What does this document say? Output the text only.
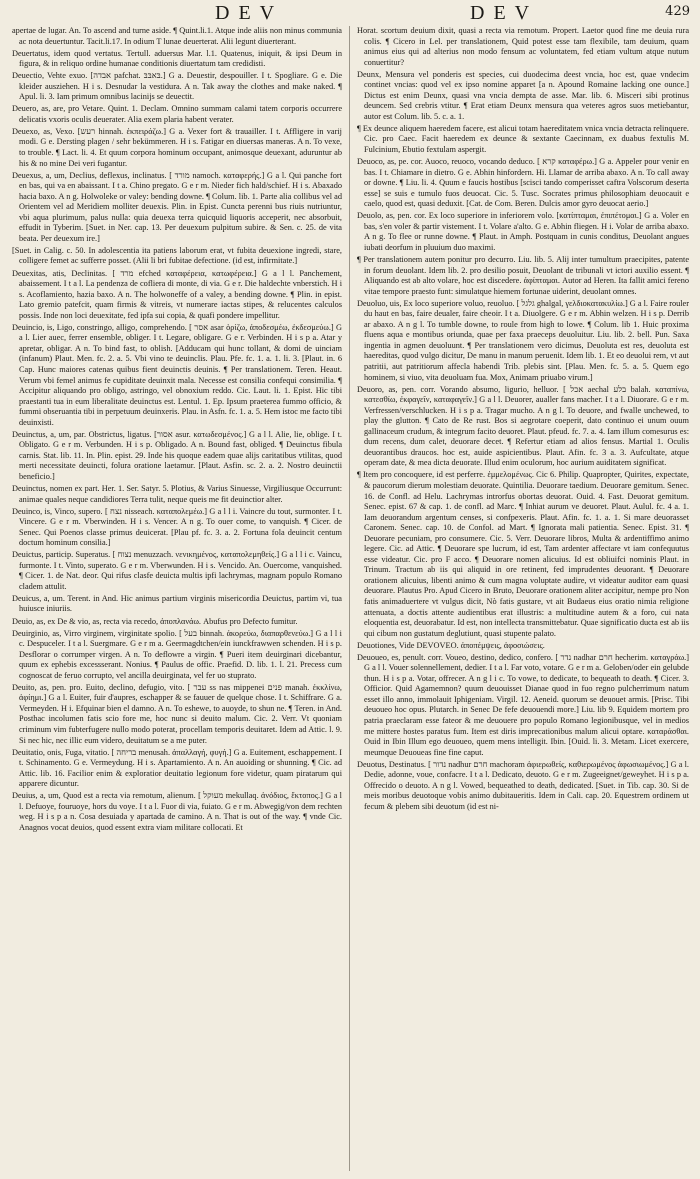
DEV	DEV	429

apertae de lugar. An. To ascend and turne aside. ¶ Quint.li.1. Atque inde aliis non minus communia ac nota deuertuntur. Tacit.li.17. In odium T lunae deuerterat. Alii legunt diuerterant.

Deuertatus, idem quod vertatus. Tertull. aduersus Mar. l.1. Quatenus, iniquit, & ipsi Deum in figura, & in reliquo ordine humanae conditionis diuertatum tam credidisti.

Deuectio, Vehte exuo. [אבדה pafchat. בּאבּבּ.] G a. Deuestir, despouiller. I t. Spogliare. G e. Die kleider ausziehen. H i s. Desnudar la vestidura. A n. Tak away the clothes and make naked. ¶ Apul. li. 3. Iam primum omnibus lacinijs se deuectit.

Deuero, as, are, pro Vetare. Quint. 1. Declam. Omnino summam calami tatem corporis occurrere delicatis vxoris oculis deuerater. Alia exem plaria habent verater.

Deuexo, as, Vexo. [רעש hinnah. ἐκπειράζω.] G a. Vexer fort & trauailler. I t. Affligere in varij modi. G e. Dersting plagen / sehr bekümmeren. H i s. Fatigar en diuersas maneras. A n. To vexe, to trouble. ¶ Lact. li. 4. Et quum corpora hominum occupant, animosque deuexant, aduruntur ab his & no mine Dei veri fugantur.

Deuexus, a, um, Declius, deflexus, inclinatus. [ מורד namoch. καταφερής.] G a l. Qui panche fort en bas, qui va en abaissant. I t a. Chino pregato. G e r m. Nieder fich hald/schief. H i s. Abaxado hacia baxo. A n g. Holwoleke or valey: bending downe. ¶ Colum. lib. 1. Parte alia collibus vel ad Orientem vel ad Meridiem molliter deuexis. Plin. in Epist. Cuncta perenni bus riuis nutriuntur, vbi aqua plurimum, palus nulla: quia deuexa terra quicquid liquoris acceperit, nec absorbuit, effudit in Tyberim. [Suet. in Ner. cap. 13. Per deuexum pulpitum subire. & Sen. c. 25. de vita beata. Per deuexum ire.]

[Suet. in Calig. c. 50. In adolescentia ita patiens laborum erat, vt fubita deuexione ingredi, stare, colligere femet ac sufferre posset. (Alii li bri fubitae defectione. (id est, infirmitate.]

Deuexitas, atis, Declinitas. [ מרד efched καταφέρεια, κατωφέρεια.] G a l l. Panchement, abaissement. I t a l. La pendenza de cofliera di monte, di via. G e r. Die haldechte vnberstich. H i s. Acoflamiento, hazia baxo. A n. The holwoneffe of a valey, a bending downe. ¶ Plin. in epist. Lato gremio patefcit, quam firmis & vitreis, vt numerare iactas stipes, & relucentes calculos possis. Inde non loci deuexitate, fed ipfa sui copia, & quafi pondere impellitur.

Deuincio, is, Ligo, constringo, alligo, comprehendo. [ אסר asar ὁρίζω, ἀποδεσμέω, ἐκδεσμεύω.] G a l. Lier auec, ferrer ensemble, obliger. I t. Legare, obligare. G e r. Verbinden. H i s p a. Atar y apretar, obligar. A n. To bind fast, to oblish. [Adducam qui hunc tollant, & domi de uinciam (infanum) Plaut. Men. fc. 2. a. 5. Vbi vino te deuinclis. Plau. Pfe. fc. 1. a. 1. li. 3. [Plaut. in. 6 Cap. Hunc maiores catenas quibus fient deuinctis deuinis. ¶ Per translationem. Teren. Heaut. Verum vbi femel animus fe cupiditate deuinxit mala. Necesse est consilia confequi consimilia. ¶ Accipitur aliquando pro obligo, astringo, vel obnoxium reddo. Cic. Laut. li. 1. Epist. Hic tibi praestanti tua in eum liberalitate deuinctus est. Lentul. 1. Ep. Ipsum praeterea fummo officio, & fummi obseruantia tibi in perpetuum deuinxeris. Plau. in Asfn. fc. 1. a. 5. Hem istoc me facto tibi deuinxisti.

Deuinctus, a, um, par. Obstrictus, ligatus. [אסור asur. κατωδεσμένος.] G a l l. Alie, lie, oblige. I t. Obligato. G e r m. Verbunden. H i s p. Obligado. A n. Bound fast, obliged. ¶ Deuinctus fibula carnis. Stat. lib. 11. In. Plin. epist. 29. Inde his quoque eadem quae alijs caritatibus vtilitas, quod merti necessitate deuincti, folura oratione laetamur. [Plaut. Asfin. sc. 2. a. 2. Nostro deuinctii beneficio.]

Deuinctus, nomen ex part. Her. 1. Ser. Satyr. 5. Plotius, & Varius Sinuesse, Virgiliusque Occurrunt: animae quales neque candidiores Terra tulit, neque queis me fit deuinctior alter.

Deuinco, is, Vinco, supero. [ נצח nisseach. καταπολεμέω.] G a l l i. Vaincre du tout, surmonter. I t. Vincere. G e r m. Vberwinden. H i s. Vencer. A n g. To ouer come, to vanquish. ¶ Cicer. de Senec. Qui Poenos classe primus deuicerat. [Plau pf. fc. 3. a. 2. Fortuna fola deuincit centum doctum hominum consilia.]

Deuictus, particip. Superatus. [ נצוח menuzzach. νενικημένος, καταπολεμηθείς.] G a l l i c. Vaincu, furmonte. I t. Vinto, superato. G e r m. Vberwunden. H i s. Vencido. An. Ouercome, vanquished. ¶ Cicer. 1. de Nat. deor. Qui rifus clasfe deuicta multis ipfi lachrymas, magnam populo Romano cladem attulit.

Deuicus, a, um. Terent. in And. Hic animus partium virginis misericordia Deuictus, partim vi, tua huiusce iniuriis.

Deuio, as, ex De & vio, as, recta via recedo, ἀποπλανάω. Abufus pro Defecto fumitur.

Deuirginio, as, Virro virginem, virginitate spolio. [ בעל binnah. ἀκορεύω, διαπαρθενεύω.] G a l l i c. Despuceler. I t a l. Suergmare. G e r m a. Geermagdtchen/ein iunckfrawwen schenden. H i s p. Desflorar o corrumper virgen. A n. To deflowre a virgin. ¶ Pueri item deuirginari dicebantur, quum ex ephebis excessserant. Nonius. ¶ Paulus de offic. Praefid. D. lib. 1. l. 21. Precess cum cognoscat de feruo corrupto, vel ancilla deuirginata, vel fer uo stuprato.

Deuito, as, pen. pro. Euito, declino, defugio, vito. [ עבר ss nas mippenei פנים manah. ἐκκλίνω, ἀφίημι.] G a l. Euiter, fuir d'aupres, eschapper & se fauuer de quelque chose. I t. Schiffrare. G a. Vermeyden. H i. Efquinar bien el damno. A n. To eshewe, to auoyde, to shun ne. ¶ Teren. in And. Posthac incolumen fatis scio fore me, hoc nunc si deuito malum. Cic. 2. Verr. Vt quoniam criminum vim fubterfugere nullo modo poterat, procellam temporis deuitaret. Idem ad Attic. l. 9. Si nec hic, nec illic eum videro, deuitatum se a me puter.

Deuitatio, onis, Fuga, vitatio. [ בריחה menusah. ἀπαλλαγή, φυγή.] G a. Euitement, eschappement. I t. Schinamento. G e. Vermeydung. H i s. Apartamiento. A n. An auoiding or shunning. ¶ Cic. ad Attic. lib. 16. Facilior enim & exploratior deuitatio legionum fore videtur, quam piratarum qui apparere dicuntur.

Deuius, a, um, Quod est a recta via remotum, alienum. [ מעוקל mekullaq. ἀνόδιος, ἔκτοπος.] G a l l. Defuoye, fouruoye, hors du voye. I t a l. Fuor di via, fuiato. G e r m. Abwegig/von dem rechten weg. H i s p a n. Cosa desuiada y apartada de camino. A n. That is out of the way. ¶ vnde Cic. Anagnos vocat deuios, quod essent extra viam militare collocati. Et

Horat. scortum deuium dixit, quasi a recta via remotum. Propert. Laetor quod fine me deuia rura colis. ¶ Cicero in Lel. per translationem, Quid potest esse tam flexibile, tam deuium, quam animus eius qui ad alterius non modo fensum ac voluntatem, fed etiam vultum atque nutum conuertitur?

Deunx, Mensura vel ponderis est species, cui duodecima deest vncia, hoc est, quae vndecim continet vncias: quod vel ex ipso nomine apparet [a n. Apound Romaine lacking one ounce.] Dictus est enim Deunx, quasi vna vncia dempta de asse. Mar. lib. 6. Misceri sibi protinus deuncem. Sed crebris vtitur. ¶ Erat etiam Deunx mensura qua veteres agros suos metiebantur, autor est Colum. lib. 5. c. a. 1.

¶ Ex deunce aliquem haeredem facere, est alicui totam haereditatem vnica vncia detracta relinquere. Cic. pro Caec. Facit haeredem ex deunce & sextante Caecinnam, ex duabus fextulis M. Fulcinium, Ebutio fextulam aspergit.

Deuoco, as, pe. cor. Auoco, reuoco, vocando deduco. [ קרא καταφέρω.] G a. Appeler pour venir en bas. I t. Chiamare in dietro. G e. Abhin hinfordern. Hi. Llamar de arriba abaxo. A n. To call away or downe. ¶ Liu. li. 4. Quum e faucis hostibus [scisci tando comperisset caftra Volscorum deserta esse] se suis e tumulo fuos deuocat. Cic. 5. Tusc. Socrates primus philosophiam deuocauit e caelo, quod est, quasi deduxit. [Cat. de Com. Beren. Dulcis amor gyro deuocat aerio.]

Deuolo, as, pen. cor. Ex loco superiore in inferiorem volo. [κατίπταμαι, ἐπιπέτομαι.] G a. Voler en bas, s'en voler & partir vistement. I t. Volare a'alto. G e. Abhin fliegen. H i. Volar de arriba abaxo. A n g. To flee or runne downe. ¶ Plaut. in Amph. Postquam in cunis conditus, Deuolant angues iubati deorfum in pluuium duo maximi.

¶ Per translationem autem ponitur pro decurro. Liu. lib. 5. Alij inter tumultum praecipites, patente in forum deuolant. Idem lib. 2. pro desilio posuit, Deuolant de tribunali vt ictori auxilio essent. ¶ Aliquando est ab alto volare, hoc est discedere. ἀφίπταμαι. Autor ad Heren. Ita fallit amici fereno vitae tempore praesto funt: simulatque hiemem fortunae uiderint, deuolant omnes.

Deuoluo, uis, Ex loco superiore voluo, reuoluo. [ גלגל ghalgal, γελδιοκατακυλίω.] G a l. Faire rouler du haut en bas, faire deualer, faire cheoir. I t a. Diuolgere. G e r m. Abhin welzen. H i s p. Derrib ar abaxo. A n g l. To tumble downe, to roule from high to lowe. ¶ Colum. lib 1. Huic proxima fluens aqua e montibus oriunda, quae per faxa praeceps deuoluitur. Liu. lib. 2. bell. Pun. Saxa ingentia in agmen deuoluunt. ¶ Per translationem vero dicimus, Deuoluta est res, deuoluta est haereditas, quod vulgo dicitur, De manu in manum peruenit. Idem lib. 1. Et eo deuolui rem, vt aut patritii, aut patritiorum affecla habendi Trib. plebis sint. [Plau. Men. fc. 5. a. 5. Quem ego hominem, si viuo, vita deuoluam fua. Mox, Animam priuabo virum.]

Deuoro, as, pen. corr. Vorando absumo, ligurio, helluor. [ אכל aechal בלע balah. καταπίνω, κατεσθίω, ἐκφαγεῖν, καταφαγεῖν.] G a l l. Deuorer, aualler fans macher. I t a l. Diuorare. G e r m. Verfressen/verschlucken. H i s p a. Tragar mucho. A n g l. To deuore, and fwalle unchewed, to play the glutton. ¶ Cato de Re rust. Bos si aegrotare coeperit, dato continuo ei unum ouum gallinaceum crudum, & integrum facito deuoret. Plaut. pfeud. fc. 7. a. 4. Iam illum comesurus es: dum recens, dum calet, deuorare decet. ¶ Refertur etiam ad alios fensus. Martial 1. Oculis deuorantibus draucos. hoc est, auide aspicientibus. Plaut. Afin. fc. 3 a. 3. Aufcultate, atque operam date, & mea dicta deuorate. Illud enim oculorum, hoc aurium auiditatem significat.

¶ Item pro concoquere, id est perferre. ἐμμελομένως. Cic 6. Philip. Quapropter, Quirites, expectate, & paucorum dierum molestiam deuorate. Quintilia. Deuorare taedium. Deuorare gemitum. Senec. 16. de Confl. ad Helu. Lachrymas introrfus obortas deuorat. Ouid. 4. Fast. Deuorat gemitum. Senec. epist. 67 & cap. 1. de confl. ad Marc. ¶ Inhiat aurum ve deuoret. Plaut. Aulul. fc. 4 a. 1. Iam deuorandum argentum censes, si confpexeris. Plaut. Afin. fc. 1. a. 1. Si mare deuorasset Caronem. Senec. cap. 10. de Confol. ad Mart. ¶ Ignorata mali patientia. Senec. Epist. 31. ¶ Deuorare pecuniam, pro consumere. Cic. 5. Verr. Deuorare libros, Multa & ardentiffimo animo legere. Cic. ad Attic. ¶ Deuorare spe lucrum, id est, Tam ardenter affectare vt iam confequutus esse videatur. Cic. pro F acco. ¶ Deuorare nomen alicuius. Id est obliuifci nominis Plaut. in Trinum. Tractum ab iis qui aliquid in ore retinent, fed imprudentes deuorant. ¶ Deuorare orationem alicuius, libenti animo & cum magna voluptate audire, vt videatur auditor eam quasi deuorare. Plautus Pro. Apud Cicero in Bruto, Deuorare orationem aliter accipitur, nempe pro Non fatis animaduertere vt vulgus dicit, Nò fatis gustare, vt ait Budaeus eius oratio nimia religione attenuata, a doctis attente audientibus erat illustris: a multitudine autem & a foro, cui nata eloquentia est, deuorabatur. Id est, non intellecta transmittebatur. Quae significatio ducta est ab iis qui cibum non gustatum deglutiunt, quasi stupente palato.

Deuotiones, Vide DEVOVEO. ἀποπέμψεις, ἀφοσιώσεις.

Deuoueo, es, penult. corr. Voueo, destino, dedico, confero. [ נדר nadhar חרם hecherim. καταγράω.] G a l l. Vouer solennellement, dedier. I t a l. Far voto, votare. G e r m a. Geloben/oder ein gelubde thun. H i s p a. Votar, offrecer. A n g l i c. To vowe, to dedicate, to bequeath to death. ¶ Cicer. 3. Officior. Quid Agamemnon? quum deuouisset Dianae quod in fuo regno pulcherrimum natum esset illo anno, immolauit Iphigeniam. Virgil. 12. Aeneid. quorum se deuouet armis. [Prisc. Tibi deuoueo hoc opus. Plutarch. in Senec De fefe deuouendi more.] Liu. lib 9. Equidem mortem pro patria praeclaram esse fateor & me deuouere pro populo Romano legionibusque, vel in medios me mittere hostes paratus fum. Item est diris imprecationibus malum alicui optare. καταράσθαι. Ouid in Ibin Illum ego deuoueo, quem mens intelligit. Ibin. [Ouid. li. 3. Metam. Licet exercere, meumque Deuoueas fine fine caput.

Deuotus, Destinatus. [ נדור nadhur חרם machoram ἀφιερωθείς, καθιερωμένος ἀφωσιωμένος.] G a l. Dedie, adonne, voue, confacre. I t a l. Dedicato, deuoto. G e r m. Zugeeignet/geweyhet. H i s p a. Offrecido o deuoto. A n g l. Vowed, bequeathed to death, dedicated. [Suet. in Tib. cap. 30. Si de meis moribus deuotoque vobis animo dubitaueritis. Idem in Cali. cap. 20. Equestrem ordinem ut fecum & plebem sibi deuotum (id est ni-
